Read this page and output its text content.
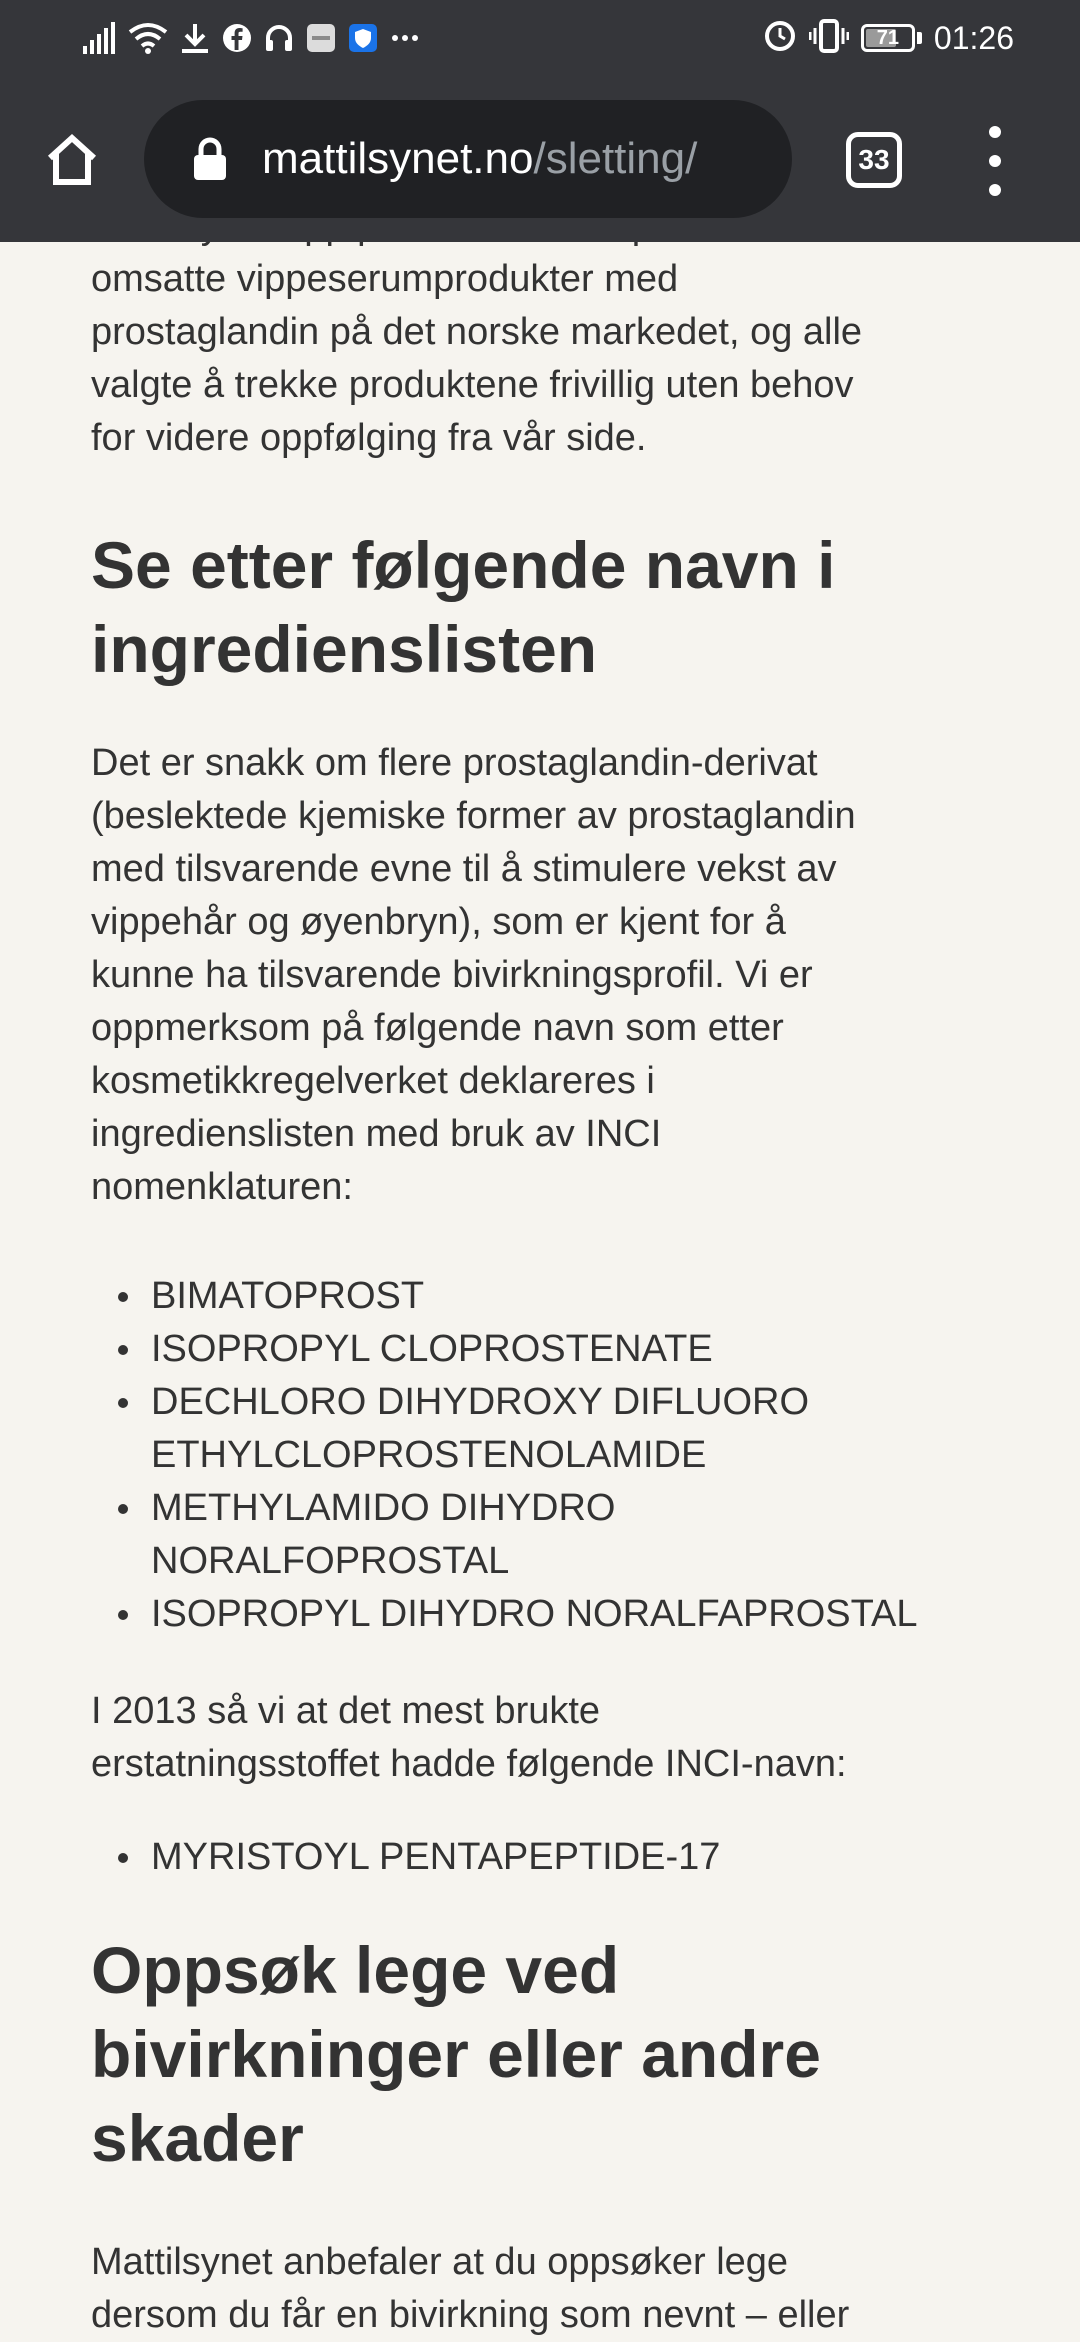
omsatte vippeserumprodukter med
prostaglandin på det norske markedet, og alle
valgte å trekke produktene frivillig uten behov
for videre oppfølging fra vår side.

Se etter følgende navn i
ingredienslisten

Det er snakk om flere prostaglandin-derivat
(beslektede kjemiske former av prostaglandin
med tilsvarende evne til å stimulere vekst av
vippehår og øyenbryn), som er kjent for å
kunne ha tilsvarende bivirkningsprofil. Vi er
oppmerksom på følgende navn som etter
kosmetikkregelverket deklareres i
ingredienslisten med bruk av INCI
nomenklaturen:

BIMATOPROST
ISOPROPYL CLOPROSTENATE
DECHLORO DIHYDROXY DIFLUORO
ETHYLCLOPROSTENOLAMIDE
METHYLAMIDO DIHYDRO
NORALFOPROSTAL
ISOPROPYL DIHYDRO NORALFAPROSTAL

I 2013 så vi at det mest brukte
erstatningsstoffet hadde følgende INCI-navn:

MYRISTOYL PENTAPEPTIDE-17
Oppsøk lege ved
bivirkninger eller andre
skader

Mattilsynet anbefaler at du oppsøker lege
dersom du får en bivirkning som nevnt – eller

71 01:26
mattilsynet.no/sletting/	33
